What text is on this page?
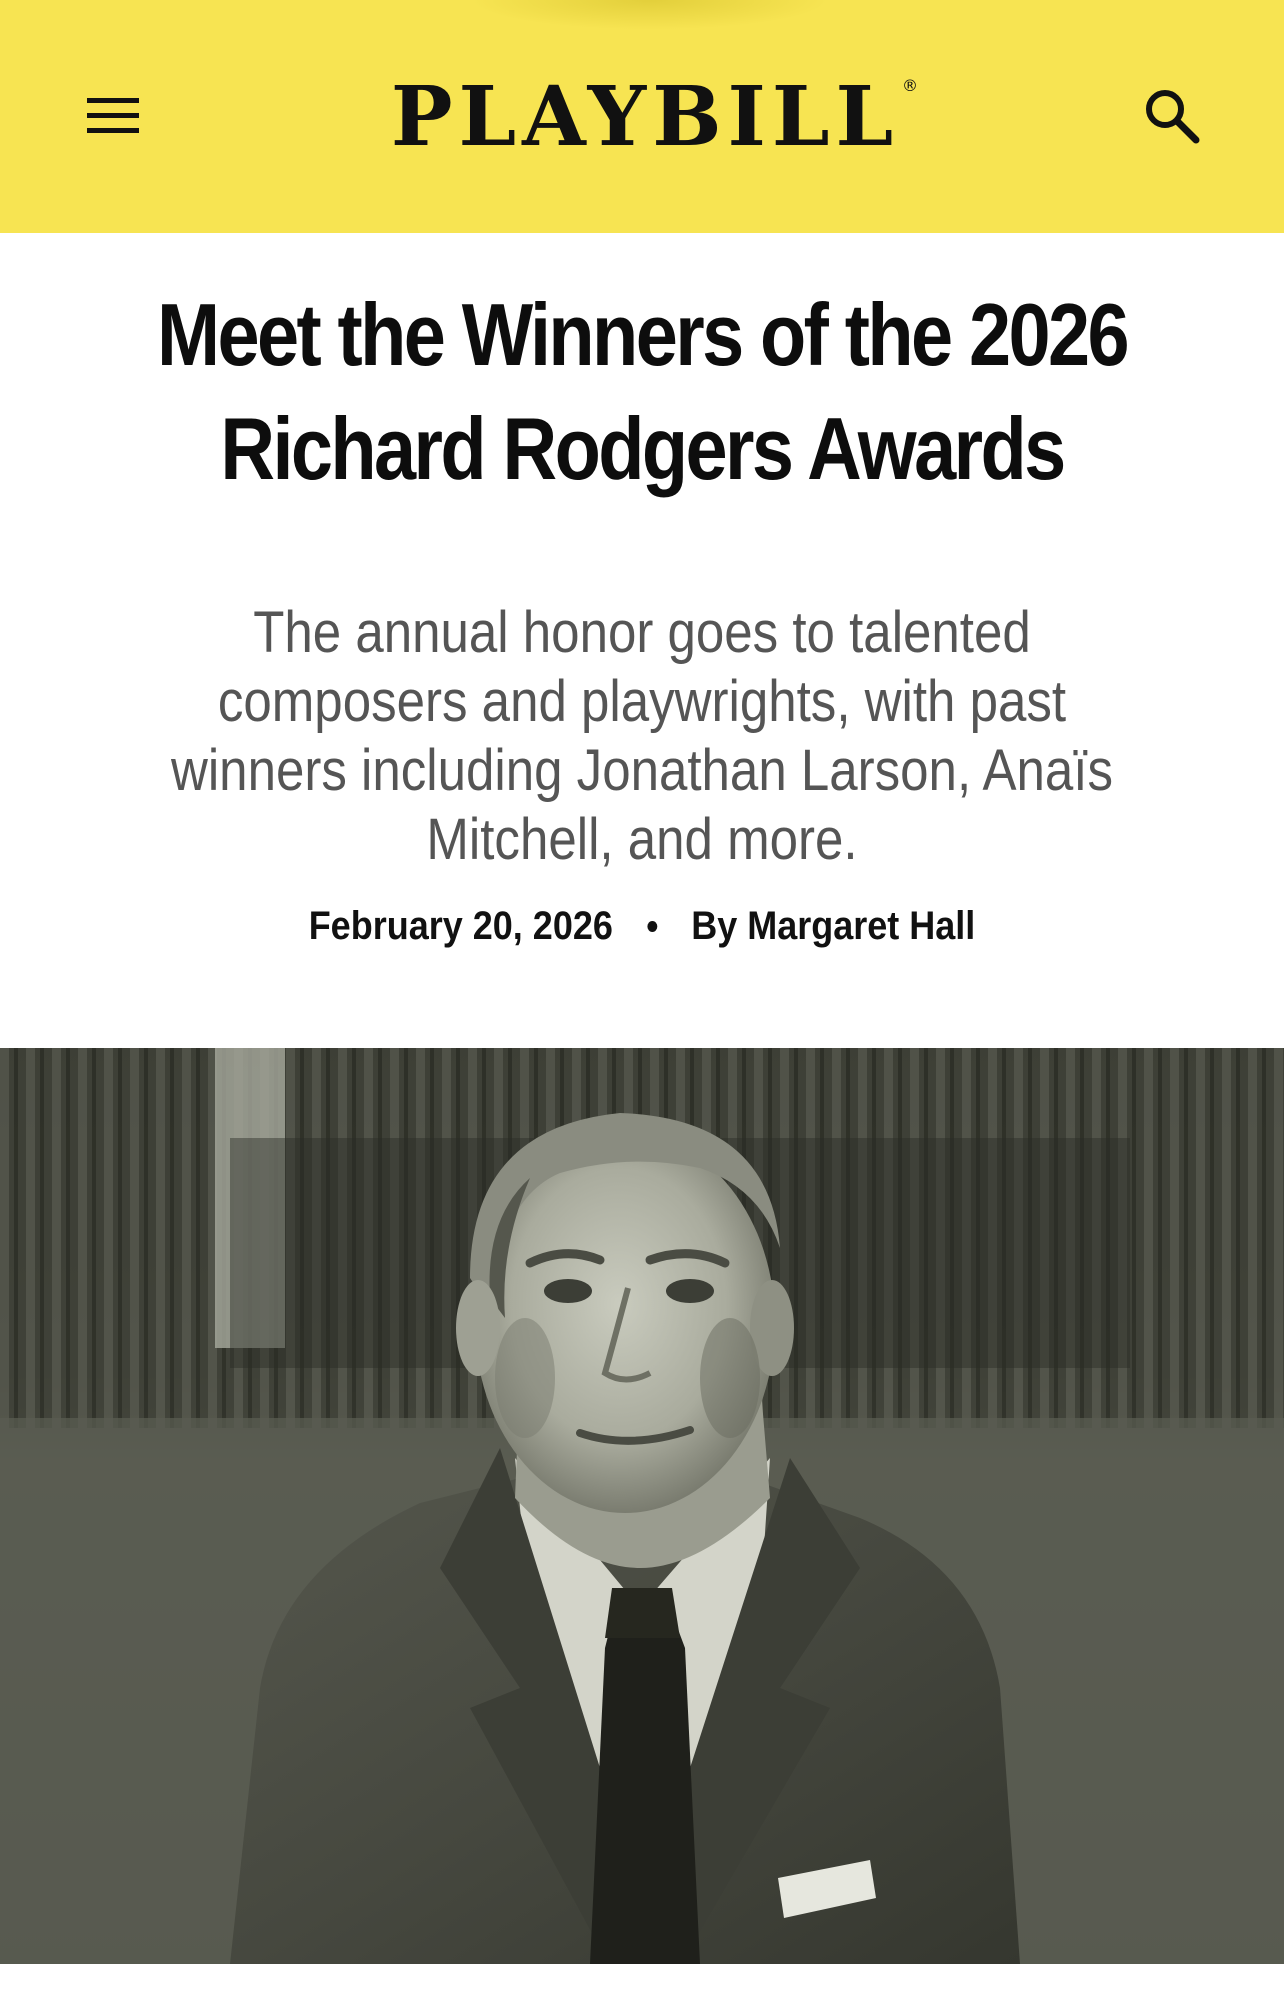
PLAYBILL ®
Meet the Winners of the 2026 Richard Rodgers Awards

The annual honor goes to talented composers and playwrights, with past winners including Jonathan Larson, Anaïs Mitchell, and more.

February 20, 2026 By Margaret Hall
